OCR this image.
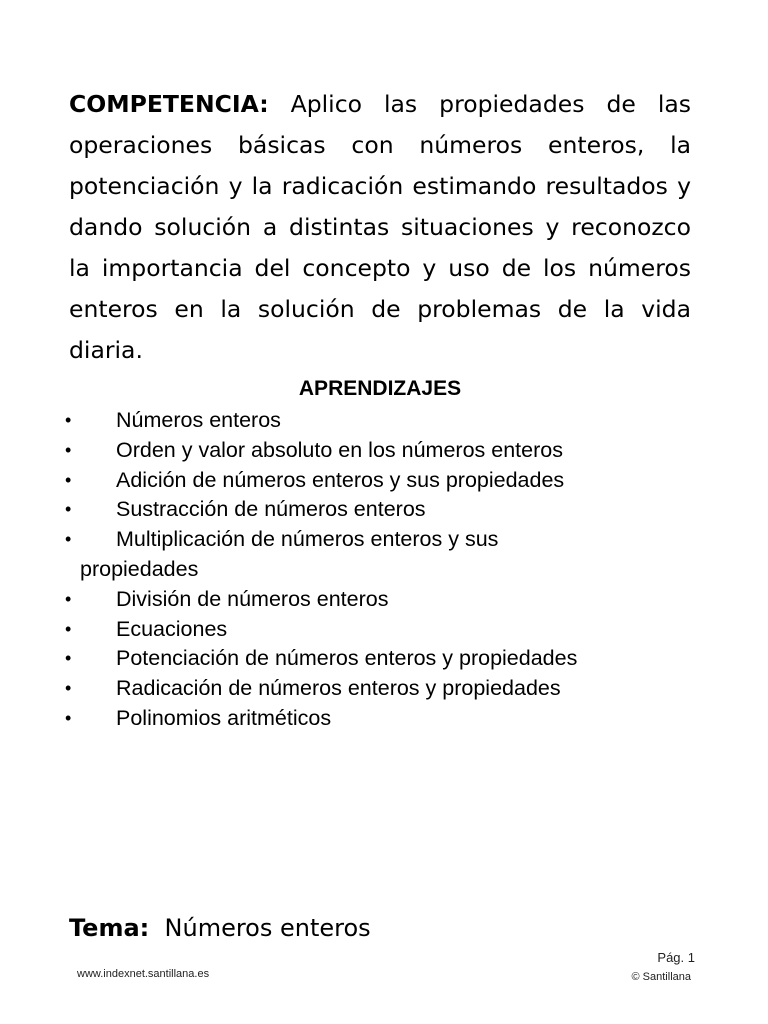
COMPETENCIA: Aplico las propiedades de las operaciones básicas con números enteros, la potenciación y la radicación estimando resultados y dando solución a distintas situaciones y reconozco la importancia del concepto y uso de los números enteros en la solución de problemas de la vida diaria.

APRENDIZAJES
• Números enteros
• Orden y valor absoluto en los números enteros
• Adición de números enteros y sus propiedades
• Sustracción de números enteros
• Multiplicación de números enteros y sus
propiedades
• División de números enteros
• Ecuaciones
• Potenciación de números enteros y propiedades
• Radicación de números enteros y propiedades
• Polinomios aritméticos

Tema: Números enteros

Pág. 1
www.indexnet.santillana.es	© Santillana
